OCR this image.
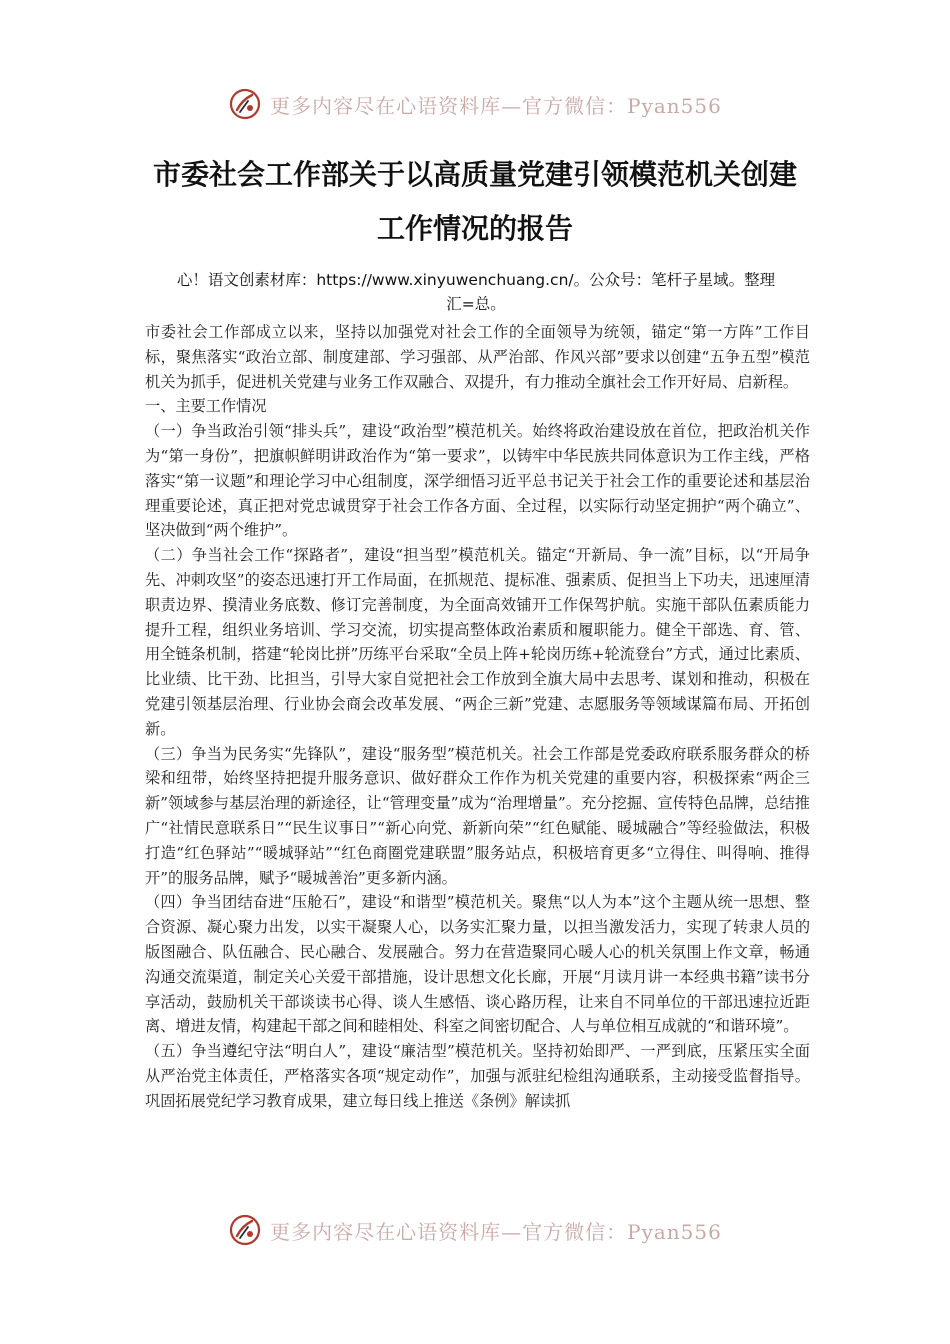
更多内容尽在心语资料库—官方微信：Pyan556
市委社会工作部关于以高质量党建引领模范机关创建
工作情况的报告
心！语文创素材库：https://www.xinyuwenchuang.cn/。公众号：笔杆子星域。整理
汇=总。

市委社会工作部成立以来，坚持以加强党对社会工作的全面领导为统领，锚定“第一方阵”工作目标，聚焦落实“政治立部、制度建部、学习强部、从严治部、作风兴部”要求以创建“五争五型”模范机关为抓手，促进机关党建与业务工作双融合、双提升，有力推动全旗社会工作开好局、启新程。

一、主要工作情况

（一）争当政治引领“排头兵”，建设“政治型”模范机关。始终将政治建设放在首位，把政治机关作为“第一身份”，把旗帜鲜明讲政治作为“第一要求”，以铸牢中华民族共同体意识为工作主线，严格落实“第一议题”和理论学习中心组制度，深学细悟习近平总书记关于社会工作的重要论述和基层治理重要论述，真正把对党忠诚贯穿于社会工作各方面、全过程，以实际行动坚定拥护“两个确立”、坚决做到“两个维护”。

（二）争当社会工作“探路者”，建设“担当型”模范机关。锚定“开新局、争一流”目标，以“开局争先、冲刺攻坚”的姿态迅速打开工作局面，在抓规范、提标准、强素质、促担当上下功夫，迅速厘清职责边界、摸清业务底数、修订完善制度，为全面高效铺开工作保驾护航。实施干部队伍素质能力提升工程，组织业务培训、学习交流，切实提高整体政治素质和履职能力。健全干部选、育、管、用全链条机制，搭建“轮岗比拼”历练平台采取“全员上阵+轮岗历练+轮流登台”方式，通过比素质、比业绩、比干劲、比担当，引导大家自觉把社会工作放到全旗大局中去思考、谋划和推动，积极在党建引领基层治理、行业协会商会改革发展、“两企三新”党建、志愿服务等领域谋篇布局、开拓创新。

（三）争当为民务实“先锋队”，建设“服务型”模范机关。社会工作部是党委政府联系服务群众的桥梁和纽带，始终坚持把提升服务意识、做好群众工作作为机关党建的重要内容，积极探索“两企三新”领域参与基层治理的新途径，让“管理变量”成为“治理增量”。充分挖掘、宣传特色品牌，总结推广“社情民意联系日”“民生议事日”“新心向党、新新向荣”“红色赋能、暖城融合”等经验做法，积极打造“红色驿站”“暖城驿站”“红色商圈党建联盟”服务站点，积极培育更多“立得住、叫得响、推得开”的服务品牌，赋予“暖城善治”更多新内涵。

（四）争当团结奋进“压舱石”，建设“和谐型”模范机关。聚焦“以人为本”这个主题从统一思想、整合资源、凝心聚力出发，以实干凝聚人心，以务实汇聚力量，以担当激发活力，实现了转隶人员的版图融合、队伍融合、民心融合、发展融合。努力在营造聚同心暖人心的机关氛围上作文章，畅通沟通交流渠道，制定关心关爱干部措施，设计思想文化长廊，开展“月读月讲一本经典书籍”读书分享活动，鼓励机关干部谈读书心得、谈人生感悟、谈心路历程，让来自不同单位的干部迅速拉近距离、增进友情，构建起干部之间和睦相处、科室之间密切配合、人与单位相互成就的“和谐环境”。

（五）争当遵纪守法“明白人”，建设“廉洁型”模范机关。坚持初始即严、一严到底，压紧压实全面从严治党主体责任，严格落实各项“规定动作”，加强与派驻纪检组沟通联系，主动接受监督指导。巩固拓展党纪学习教育成果，建立每日线上推送《条例》解读抓

更多内容尽在心语资料库—官方微信：Pyan556
